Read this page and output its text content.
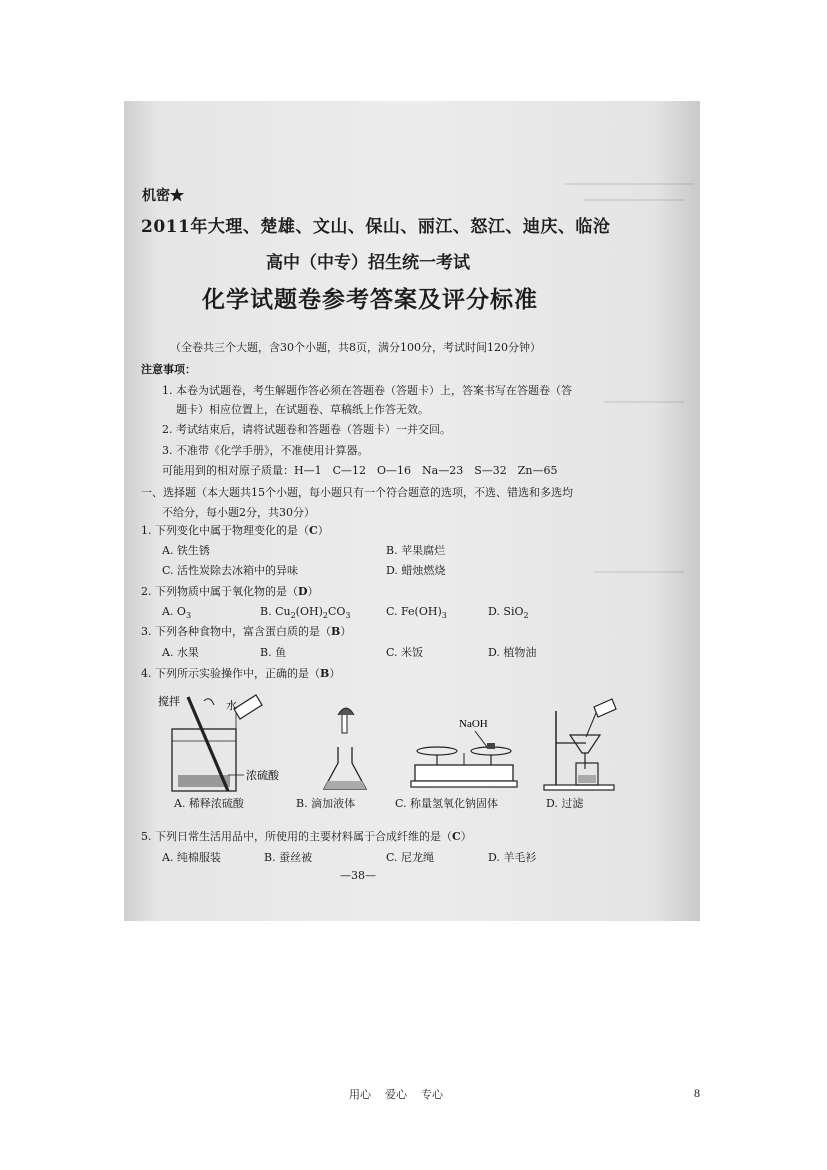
机密★
2011年大理、楚雄、文山、保山、丽江、怒江、迪庆、临沧
高中（中专）招生统一考试
化学试题卷参考答案及评分标准
（全卷共三个大题，含30个小题，共8页，满分100分，考试时间120分钟）
注意事项：
1. 本卷为试题卷，考生解题作答必须在答题卷（答题卡）上，答案书写在答题卷（答
题卡）相应位置上，在试题卷、草稿纸上作答无效。
2. 考试结束后，请将试题卷和答题卷（答题卡）一并交回。
3. 不准带《化学手册》，不准使用计算器。
可能用到的相对原子质量：H—1　C—12　O—16　Na—23　S—32　Zn—65
一、选择题（本大题共15个小题，每小题只有一个符合题意的选项，不选、错选和多选均
不给分，每小题2分，共30分）
1. 下列变化中属于物理变化的是（C）
A. 铁生锈	B. 苹果腐烂
C. 活性炭除去冰箱中的异味	D. 蜡烛燃烧
2. 下列物质中属于氧化物的是（D）
A. $O_3$	B. $Cu_2(OH)_2CO_3$	C. $Fe(OH)_3$	D. SiO$_2$
3. 下列各种食物中，富含蛋白质的是（B）
A. 水果	B. 鱼	C. 米饭	D. 植物油
4. 下列所示实验操作中，正确的是（B）
搅拌	水
浓硫酸
NaOH
A. 稀释浓硫酸	B. 滴加液体	C. 称量氢氧化钠固体	D. 过滤
5. 下列日常生活用品中，所使用的主要材料属于合成纤维的是（C）
A. 纯棉服装	B. 蚕丝被	C. 尼龙绳	D. 羊毛衫
—38—
用心 爱心 专心	8
